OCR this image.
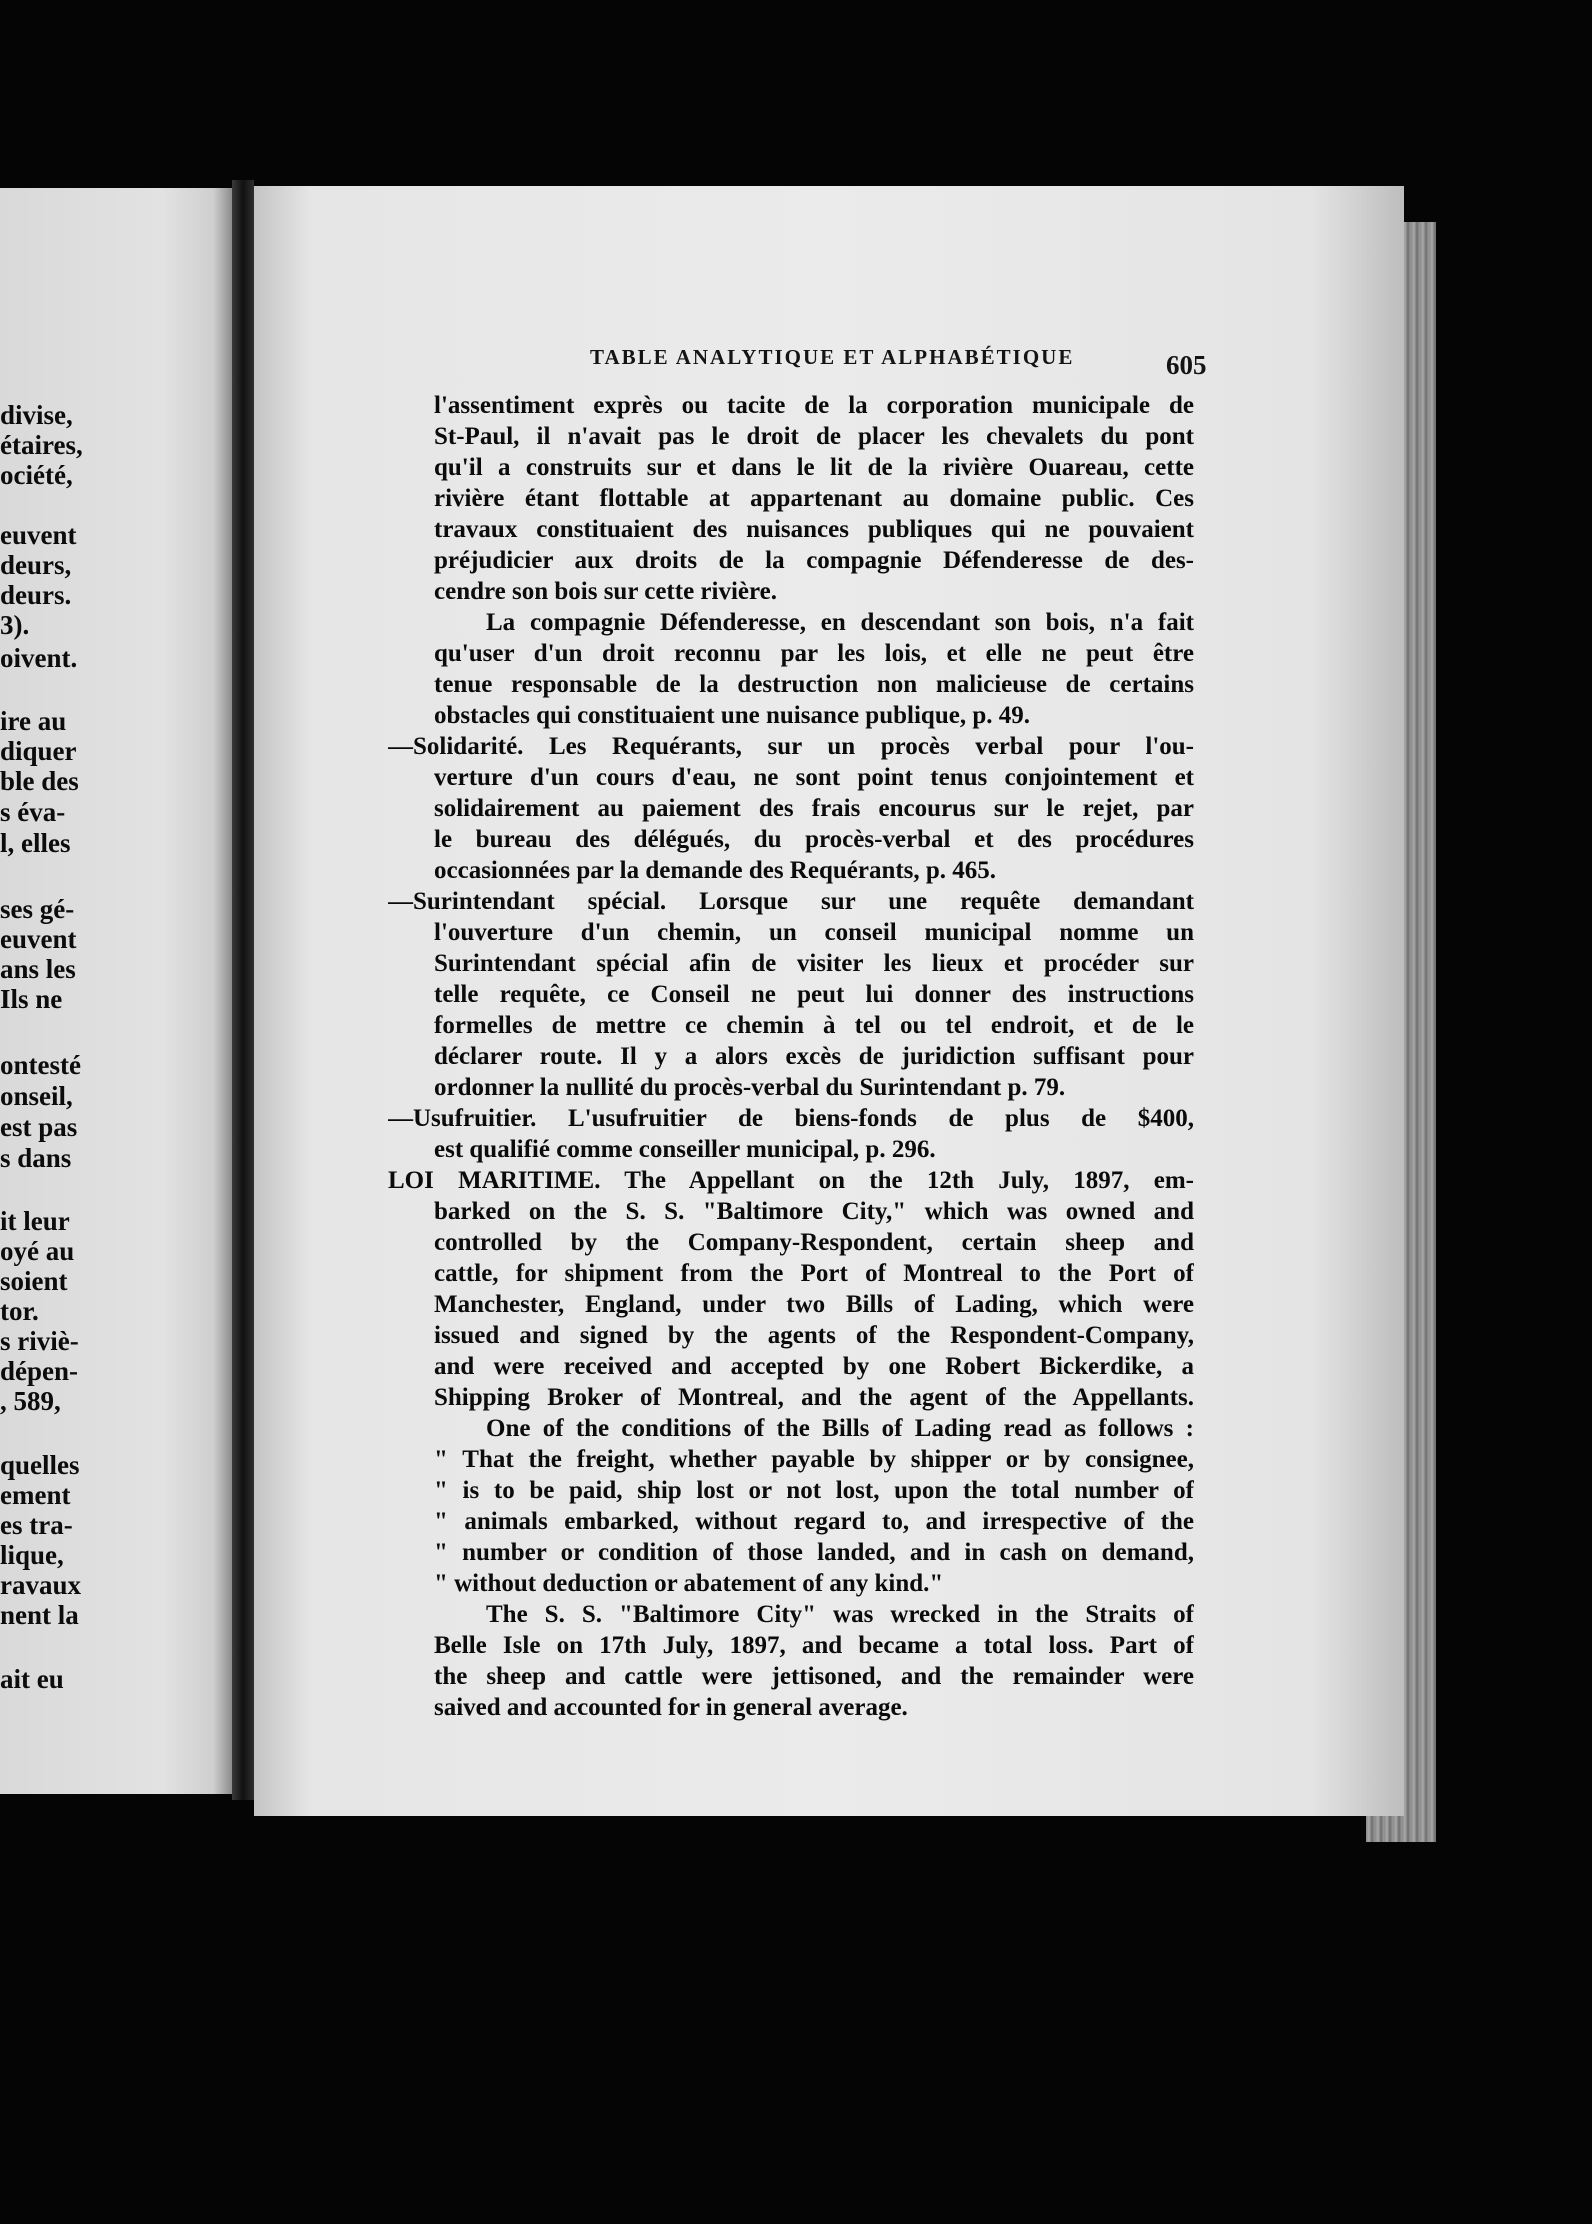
divise,
étaires,
ociété,
euvent
deurs,
deurs.
3).
oivent.
ire au
diquer
ble des
s éva-
l, elles
ses gé-
euvent
ans les
Ils ne
ontesté
onseil,
est pas
s dans
it leur
oyé au
soient
tor.
s riviè-
dépen-
, 589,
quelles
ement
es tra-
lique,
ravaux
nent la
ait eu
TABLE ANALYTIQUE ET ALPHABÉTIQUE	605
l'assentiment exprès ou tacite de la corporation municipale de
St-Paul, il n'avait pas le droit de placer les chevalets du pont
qu'il a construits sur et dans le lit de la rivière Ouareau, cette
rivière étant flottable at appartenant au domaine public. Ces
travaux constituaient des nuisances publiques qui ne pouvaient
préjudicier aux droits de la compagnie Défenderesse de des-
cendre son bois sur cette rivière.
La compagnie Défenderesse, en descendant son bois, n'a fait
qu'user d'un droit reconnu par les lois, et elle ne peut être
tenue responsable de la destruction non malicieuse de certains
obstacles qui constituaient une nuisance publique, p. 49.
—Solidarité. Les Requérants, sur un procès verbal pour l'ou-
verture d'un cours d'eau, ne sont point tenus conjointement et
solidairement au paiement des frais encourus sur le rejet, par
le bureau des délégués, du procès-verbal et des procédures
occasionnées par la demande des Requérants, p. 465.
—Surintendant spécial. Lorsque sur une requête demandant
l'ouverture d'un chemin, un conseil municipal nomme un
Surintendant spécial afin de visiter les lieux et procéder sur
telle requête, ce Conseil ne peut lui donner des instructions
formelles de mettre ce chemin à tel ou tel endroit, et de le
déclarer route. Il y a alors excès de juridiction suffisant pour
ordonner la nullité du procès-verbal du Surintendant p. 79.
—Usufruitier. L'usufruitier de biens-fonds de plus de $400,
est qualifié comme conseiller municipal, p. 296.
LOI MARITIME. The Appellant on the 12th July, 1897, em-
barked on the S. S. "Baltimore City," which was owned and
controlled by the Company-Respondent, certain sheep and
cattle, for shipment from the Port of Montreal to the Port of
Manchester, England, under two Bills of Lading, which were
issued and signed by the agents of the Respondent-Company,
and were received and accepted by one Robert Bickerdike, a
Shipping Broker of Montreal, and the agent of the Appellants.
One of the conditions of the Bills of Lading read as follows :
" That the freight, whether payable by shipper or by consignee,
" is to be paid, ship lost or not lost, upon the total number of
" animals embarked, without regard to, and irrespective of the
" number or condition of those landed, and in cash on demand,
" without deduction or abatement of any kind."
The S. S. "Baltimore City" was wrecked in the Straits of
Belle Isle on 17th July, 1897, and became a total loss. Part of
the sheep and cattle were jettisoned, and the remainder were
saived and accounted for in general average.
